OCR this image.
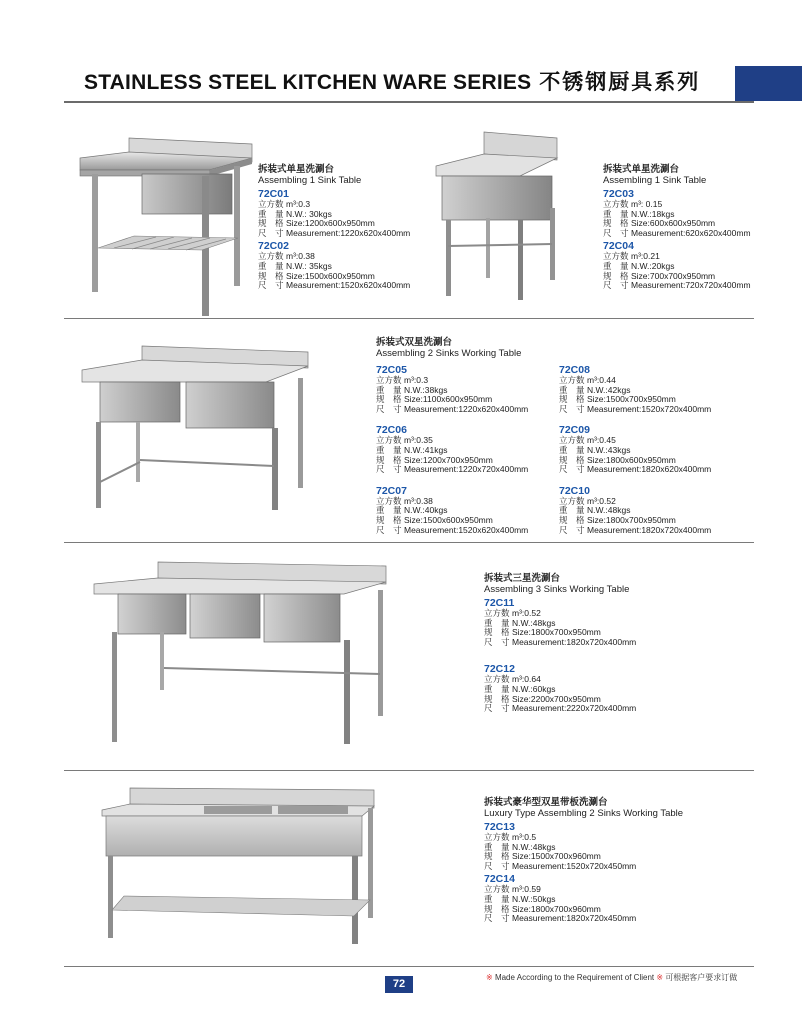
STAINLESS STEEL KITCHEN WARE SERIES 不锈钢厨具系列
拆装式单星洗涮台
Assembling 1 Sink Table
72C01
立方数 m³:0.3
重　量 N.W.: 30kgs
规　格 Size:1200x600x950mm
尺　寸 Measurement:1220x620x400mm
72C02
立方数 m³:0.38
重　量 N.W.: 35kgs
规　格 Size:1500x600x950mm
尺　寸 Measurement:1520x620x400mm
拆装式单星洗涮台
Assembling 1 Sink Table
72C03
立方数 m³: 0.15
重　量 N.W.:18kgs
规　格 Size:600x600x950mm
尺　寸 Measurement:620x620x400mm
72C04
立方数 m³:0.21
重　量 N.W.:20kgs
规　格 Size:700x700x950mm
尺　寸 Measurement:720x720x400mm
拆装式双星洗涮台
Assembling 2 Sinks Working Table
72C05
立方数 m³:0.3
重　量 N.W.:38kgs
规　格 Size:1100x600x950mm
尺　寸 Measurement:1220x620x400mm
72C06
立方数 m³:0.35
重　量 N.W.:41kgs
规　格 Size:1200x700x950mm
尺　寸 Measurement:1220x720x400mm
72C07
立方数 m³:0.38
重　量 N.W.:40kgs
规　格 Size:1500x600x950mm
尺　寸 Measurement:1520x620x400mm
72C08
立方数 m³:0.44
重　量 N.W.:42kgs
规　格 Size:1500x700x950mm
尺　寸 Measurement:1520x720x400mm
72C09
立方数 m³:0.45
重　量 N.W.:43kgs
规　格 Size:1800x600x950mm
尺　寸 Measurement:1820x620x400mm
72C10
立方数 m³:0.52
重　量 N.W.:48kgs
规　格 Size:1800x700x950mm
尺　寸 Measurement:1820x720x400mm
拆装式三星洗涮台
Assembling 3 Sinks Working Table
72C11
立方数 m³:0.52
重　量 N.W.:48kgs
规　格 Size:1800x700x950mm
尺　寸 Measurement:1820x720x400mm
72C12
立方数 m³:0.64
重　量 N.W.:60kgs
规　格 Size:2200x700x950mm
尺　寸 Measurement:2220x720x400mm
拆装式豪华型双星带板洗涮台
Luxury Type Assembling 2 Sinks Working Table
72C13
立方数 m³:0.5
重　量 N.W.:48kgs
规　格 Size:1500x700x960mm
尺　寸 Measurement:1520x720x450mm
72C14
立方数 m³:0.59
重　量 N.W.:50kgs
规　格 Size:1800x700x960mm
尺　寸 Measurement:1820x720x450mm
※ Made According to the Requirement of Client ※ 可根据客户要求订做
72
